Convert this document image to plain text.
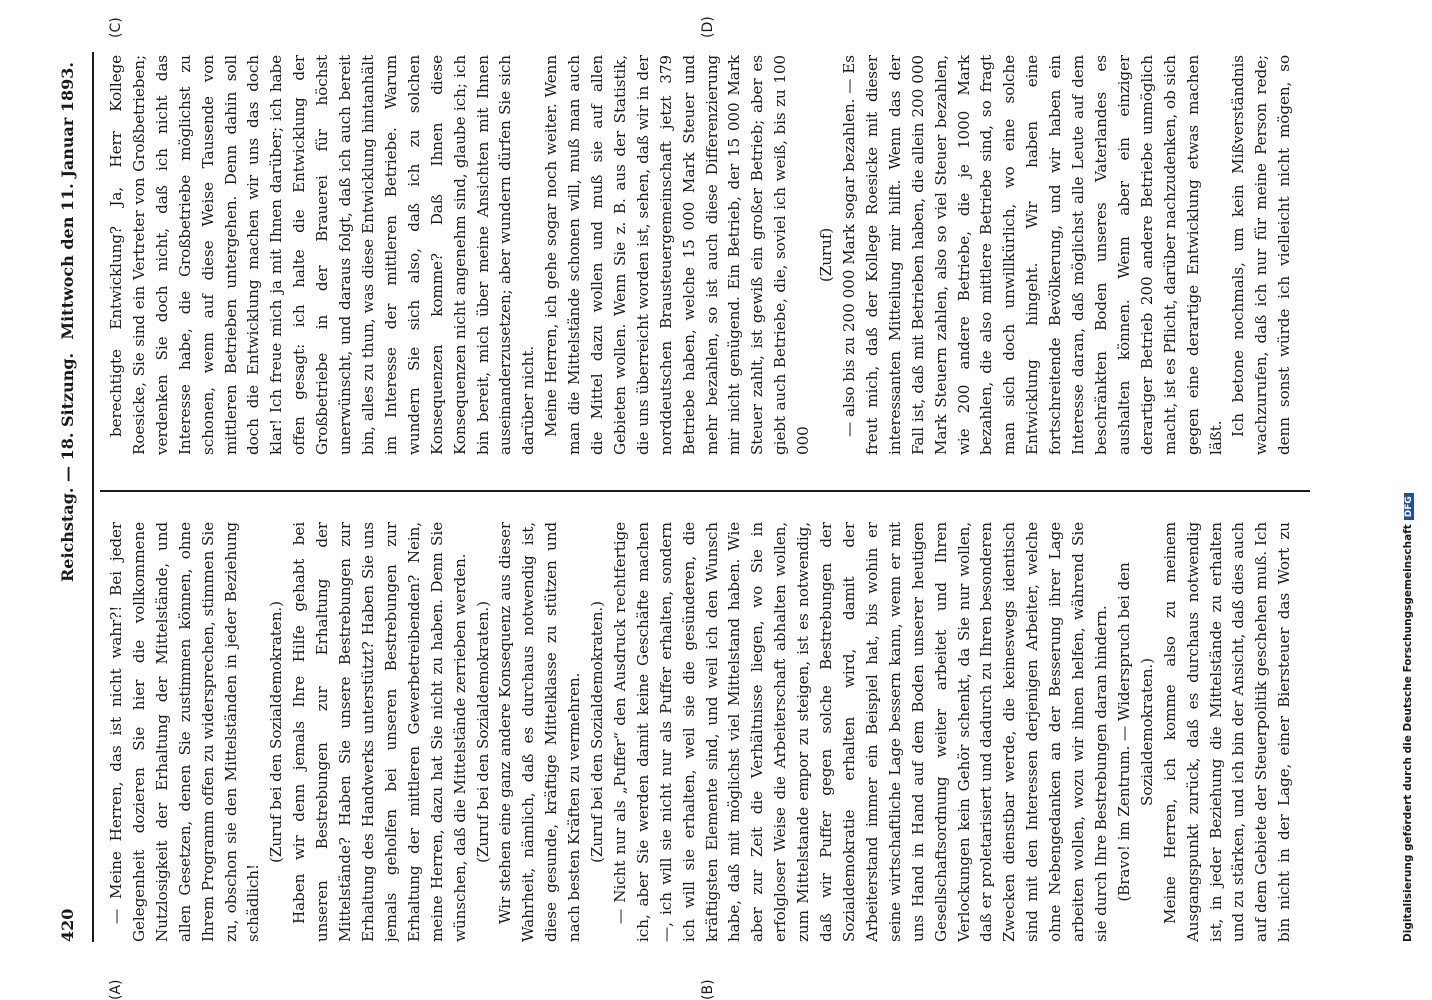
420
Reichstag. — 18. Sitzung.
Mittwoch den 11. Januar 1893.
(A)	(B)
(C)	(D)

— Meine Herren, das ist nicht wahr?! Bei jeder Gelegenheit dozieren Sie hier die vollkommene Nutzlosigkeit der Erhaltung der Mittelstände, und allen Gesetzen, denen Sie zustimmen können, ohne Ihrem Programm offen zu widersprechen, stimmen Sie zu, obschon sie den Mittelständen in jeder Beziehung schädlich!

(Zuruf bei den Sozialdemokraten.) Haben wir denn jemals Ihre Hilfe gehabt bei unseren Bestrebungen zur Erhaltung der Mittelstände? Haben Sie unsere Bestrebungen zur Erhaltung des Handwerks unterstützt? Haben Sie uns jemals geholfen bei unseren Bestrebungen zur Erhaltung der mittleren Gewerbetreibenden? Nein, meine Herren, dazu hat Sie nicht zu haben. Denn Sie wünschen, daß die Mittelstände zerrieben werden. (Zuruf bei den Sozialdemokraten.) Wir stehen eine ganz andere Konsequenz aus dieser Wahrheit, nämlich, daß es durchaus notwendig ist, diese gesunde, kräftige Mittelklasse zu stützen und nach besten Kräften zu vermehren. (Zuruf bei den Sozialdemokraten.) — Nicht nur als „Puffer“ den Ausdruck rechtfertige ich, aber Sie werden damit keine Geschäfte machen —, ich will sie nicht nur als Puffer erhalten, sondern ich will sie erhalten, weil sie die gesünderen, die kräftigsten Elemente sind, und weil ich den Wunsch habe, daß mit möglichst viel Mittelstand haben. Wie aber zur Zeit die Verhältnisse liegen, wo Sie in erfolgloser Weise die Arbeiterschaft abhalten wollen, zum Mittelstande empor zu steigen, ist es notwendig, daß wir Puffer gegen solche Bestrebungen der Sozialdemokratie erhalten wird, damit der Arbeiterstand immer ein Beispiel hat, bis wohin er seine wirtschaftliche Lage bessern kann, wenn er mit uns Hand in Hand auf dem Boden unserer heutigen Gesellschaftsordnung weiter arbeitet und Ihren Verlockungen kein Gehör schenkt, da Sie nur wollen, daß er proletarisiert und dadurch zu Ihren besonderen Zwecken dienstbar werde, die keineswegs identisch sind mit den Interessen derjenigen Arbeiter, welche ohne Nebengedanken an der Besserung ihrer Lage arbeiten wollen, wozu wir ihnen helfen, während Sie sie durch Ihre Bestrebungen daran hindern. (Bravo! im Zentrum. — Widerspruch bei den Sozialdemokraten.)

Meine Herren, ich komme also zu meinem Ausgangspunkt zurück, daß es durchaus notwendig ist, in jeder Beziehung die Mittelstände zu erhalten und zu stärken, und ich bin der Ansicht, daß dies auch auf dem Gebiete der Steuerpolitik geschehen muß. Ich bin nicht in der Lage, einer Biersteuer das Wort zu

berechtigte Entwicklung? Ja, Herr Kollege Roesicke, Sie sind ein Vertreter von Großbetrieben; verdenken Sie doch nicht, daß ich nicht das Interesse habe, die Großbetriebe möglichst zu schonen, wenn auf diese Weise Tausende von mittleren Betrieben untergehen. Denn dahin soll doch die Entwicklung machen wir uns das doch klar! Ich freue mich ja mit Ihnen darüber; ich habe offen gesagt: ich halte die Entwicklung der Großbetriebe in der Brauerei für höchst unerwünscht, und daraus folgt, daß ich auch bereit bin, alles zu thun, was diese Entwicklung hintanhält im Interesse der mittleren Betriebe. Warum wundern Sie sich also, daß ich zu solchen Konsequenzen komme? Daß Ihnen diese Konsequenzen nicht angenehm sind, glaube ich; ich bin bereit, mich über meine Ansichten mit Ihnen auseinanderzusetzen; aber wundern dürfen Sie sich darüber nicht. Meine Herren, ich gehe sogar noch weiter. Wenn man die Mittelstände schonen will, muß man auch die Mittel dazu wollen und muß sie auf allen Gebieten wollen. Wenn Sie z. B. aus der Statistik, die uns überreicht worden ist, sehen, daß wir in der norddeutschen Brausteuergemeinschaft jetzt 379 Betriebe haben, welche 15 000 Mark Steuer und mehr bezahlen, so ist auch diese Differenzierung mir nicht genügend. Ein Betrieb, der 15 000 Mark Steuer zahlt, ist gewiß ein großer Betrieb; aber es giebt auch Betriebe, die, soviel ich weiß, bis zu 100 000

(Zuruf) — also bis zu 200 000 Mark sogar bezahlen. — Es freut mich, daß der Kollege Roesicke mit dieser interessanten Mitteilung mir hilft. Wenn das der Fall ist, daß mit Betrieben haben, die allein 200 000 Mark Steuern zahlen, also so viel Steuer bezahlen, wie 200 andere Betriebe, die je 1000 Mark bezahlen, die also mittlere Betriebe sind, so fragt man sich doch unwillkürlich, wo eine solche Entwicklung hingeht. Wir haben eine fortschreitende Bevölkerung, und wir haben ein Interesse daran, daß möglichst alle Leute auf dem beschränkten Boden unseres Vaterlandes es aushalten können. Wenn aber ein einziger derartiger Betrieb 200 andere Betriebe unmöglich macht, ist es Pflicht, darüber nachzudenken, ob sich gegen eine derartige Entwicklung etwas machen läßt. Ich betone nochmals, um kein Mißverständnis wachzurufen, daß ich nur für meine Person rede; denn sonst würde ich vielleicht nicht mögen, so

Digitalisierung gefördert durch die Deutsche ForschungsgemeinschaftDFG
